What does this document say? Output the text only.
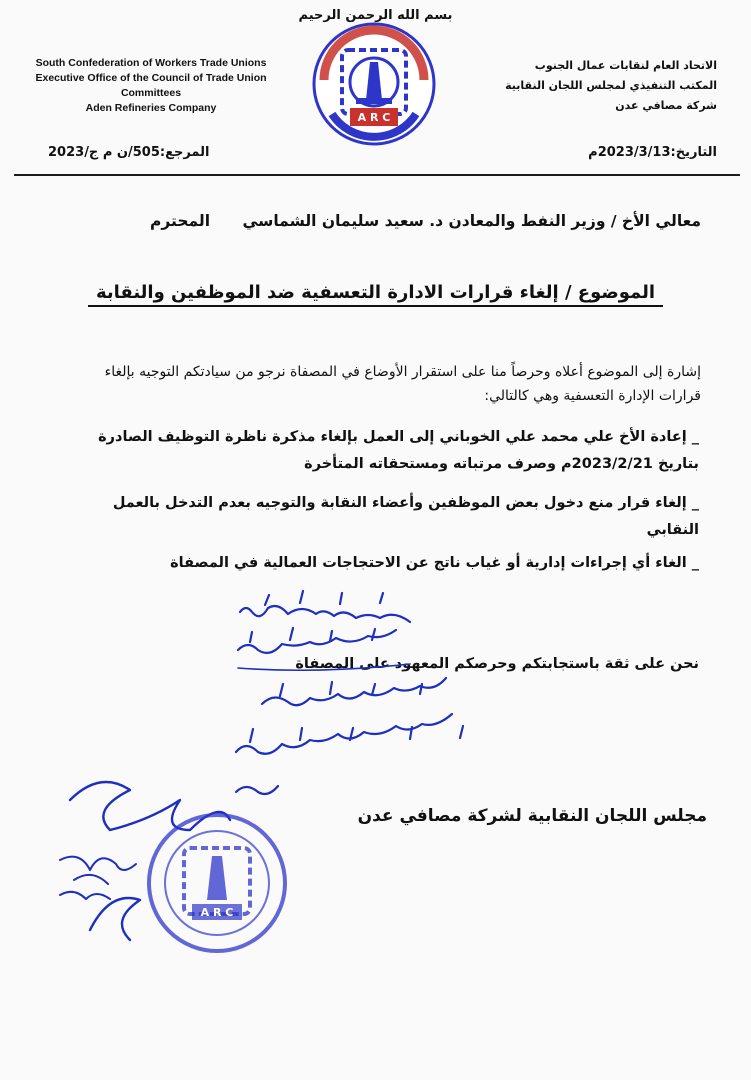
بسم الله الرحمن الرحيم
South Confederation of Workers Trade Unions
Executive Office of the Council of Trade Union
Committees
Aden Refineries Company
الاتحاد العام لنقابات عمال الجنوب
المكتب التنفيذي لمجلس اللجان النقابية
شركة مصافي عدن
A R C
المرجع:505/ن م ج/2023	التاريخ:2023/3/13م
معالي الأخ / وزير النفط والمعادن د. سعيد سليمان الشماسي
المحترم
الموضوع / إلغاء قرارات الادارة التعسفية ضد الموظفين والنقابة
إشارة إلى الموضوع أعلاه وحرصاً منا على استقرار الأوضاع في المصفاة نرجو من سيادتكم التوجيه بإلغاء قرارات الإدارة التعسفية وهي كالتالي:
_ إعادة الأخ علي محمد علي الخوباني إلى العمل بإلغاء مذكرة ناظرة التوظيف الصادرة بتاريخ 2023/2/21م وصرف مرتباته ومستحقاته المتأخرة
_ إلغاء قرار منع دخول بعض الموظفين وأعضاء النقابة والتوجيه بعدم التدخل بالعمل النقابي
_ الغاء أي إجراءات إدارية أو غياب ناتج عن الاحتجاجات العمالية في المصفاة
نحن على ثقة باستجابتكم وحرصكم المعهود على المصفاة
مجلس اللجان النقابية لشركة مصافي عدن
A R C
